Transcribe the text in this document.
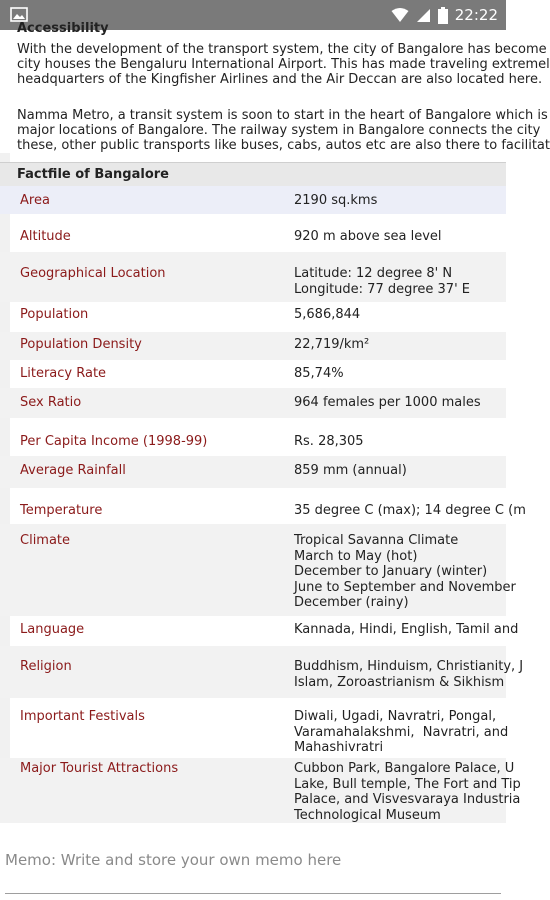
22:22
Accessibility
With the development of the transport system, the city of Bangalore has become
city houses the Bengaluru International Airport. This has made traveling extremel
headquarters of the Kingfisher Airlines and the Air Deccan are also located here.
Namma Metro, a transit system is soon to start in the heart of Bangalore which is
major locations of Bangalore. The railway system in Bangalore connects the city
these, other public transports like buses, cabs, autos etc are also there to facilitat
Factfile of Bangalore
Area	2190 sq.kms
Altitude	920 m above sea level
Geographical Location	Latitude: 12 degree 8' N
Longitude: 77 degree 37' E
Population	5,686,844
Population Density	22,719/km²
Literacy Rate	85,74%
Sex Ratio	964 females per 1000 males
Per Capita Income (1998-99)	Rs. 28,305
Average Rainfall	859 mm (annual)
Temperature	35 degree C (max); 14 degree C (m
Climate	Tropical Savanna Climate
March to May (hot)
December to January (winter)
June to September and November
December (rainy)
Language	Kannada, Hindi, English, Tamil and
Religion	Buddhism, Hinduism, Christianity, J
Islam, Zoroastrianism & Sikhism
Important Festivals	Diwali, Ugadi, Navratri, Pongal,
Varamahalakshmi,  Navratri, and
Mahashivratri
Major Tourist Attractions	Cubbon Park, Bangalore Palace, U
Lake, Bull temple, The Fort and Tip
Palace, and Visvesvaraya Industria
Technological Museum
Memo: Write and store your own memo here
